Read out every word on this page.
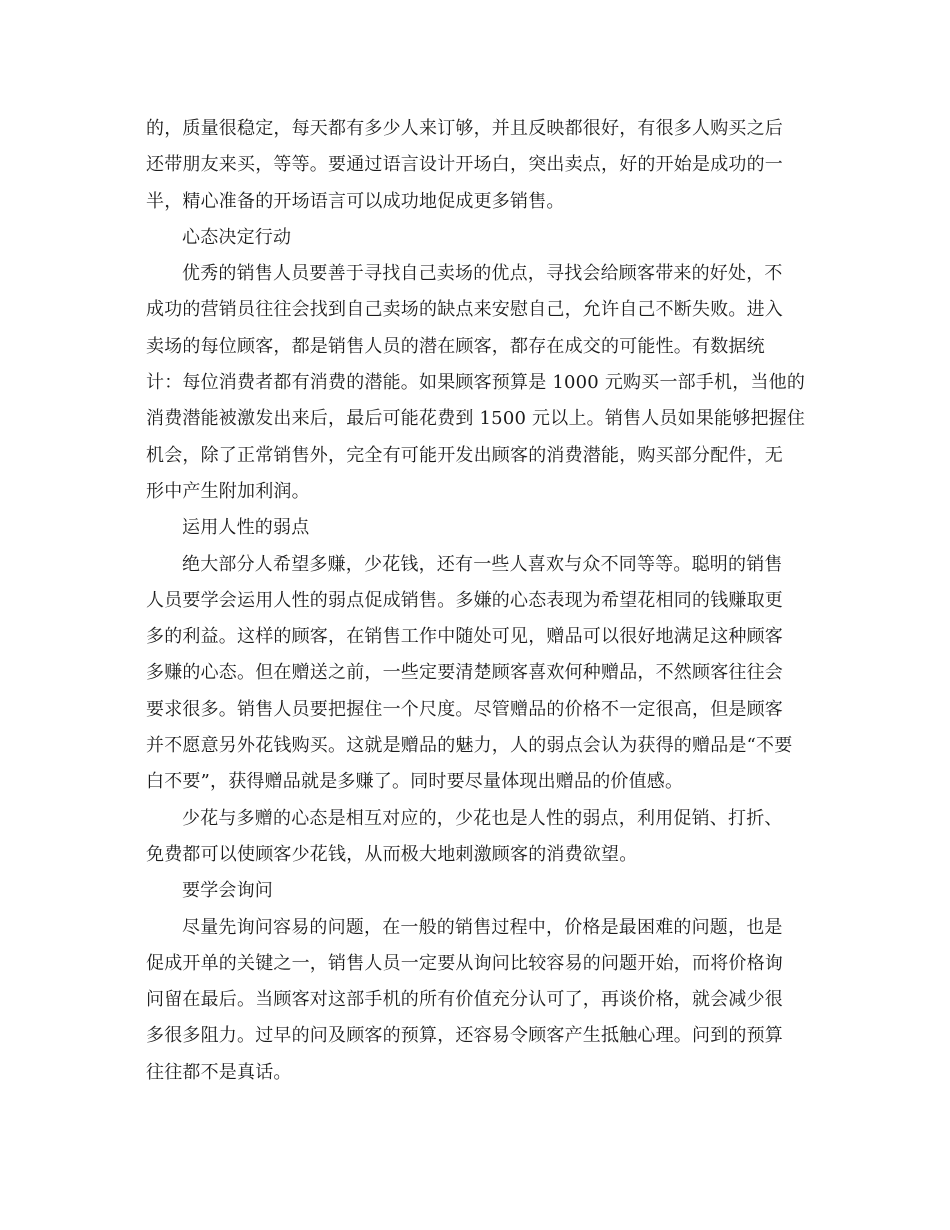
的，质量很稳定，每天都有多少人来订够，并且反映都很好，有很多人购买之后
还带朋友来买，等等。要通过语言设计开场白，突出卖点，好的开始是成功的一
半，精心准备的开场语言可以成功地促成更多销售。
心态决定行动
优秀的销售人员要善于寻找自己卖场的优点，寻找会给顾客带来的好处，不
成功的营销员往往会找到自己卖场的缺点来安慰自己，允许自己不断失败。进入
卖场的每位顾客，都是销售人员的潜在顾客，都存在成交的可能性。有数据统
计：每位消费者都有消费的潜能。如果顾客预算是 1000 元购买一部手机，当他的
消费潜能被激发出来后，最后可能花费到 1500 元以上。销售人员如果能够把握住
机会，除了正常销售外，完全有可能开发出顾客的消费潜能，购买部分配件，无
形中产生附加利润。
运用人性的弱点
绝大部分人希望多赚，少花钱，还有一些人喜欢与众不同等等。聪明的销售
人员要学会运用人性的弱点促成销售。多嫌的心态表现为希望花相同的钱赚取更
多的利益。这样的顾客，在销售工作中随处可见，赠品可以很好地满足这种顾客
多赚的心态。但在赠送之前，一些定要清楚顾客喜欢何种赠品，不然顾客往往会
要求很多。销售人员要把握住一个尺度。尽管赠品的价格不一定很高，但是顾客
并不愿意另外花钱购买。这就是赠品的魅力，人的弱点会认为获得的赠品是“不要
白不要”，获得赠品就是多赚了。同时要尽量体现出赠品的价值感。
少花与多赠的心态是相互对应的，少花也是人性的弱点，利用促销、打折、
免费都可以使顾客少花钱，从而极大地刺激顾客的消费欲望。
要学会询问
尽量先询问容易的问题，在一般的销售过程中，价格是最困难的问题，也是
促成开单的关键之一，销售人员一定要从询问比较容易的问题开始，而将价格询
问留在最后。当顾客对这部手机的所有价值充分认可了，再谈价格，就会减少很
多很多阻力。过早的问及顾客的预算，还容易令顾客产生抵触心理。问到的预算
往往都不是真话。
